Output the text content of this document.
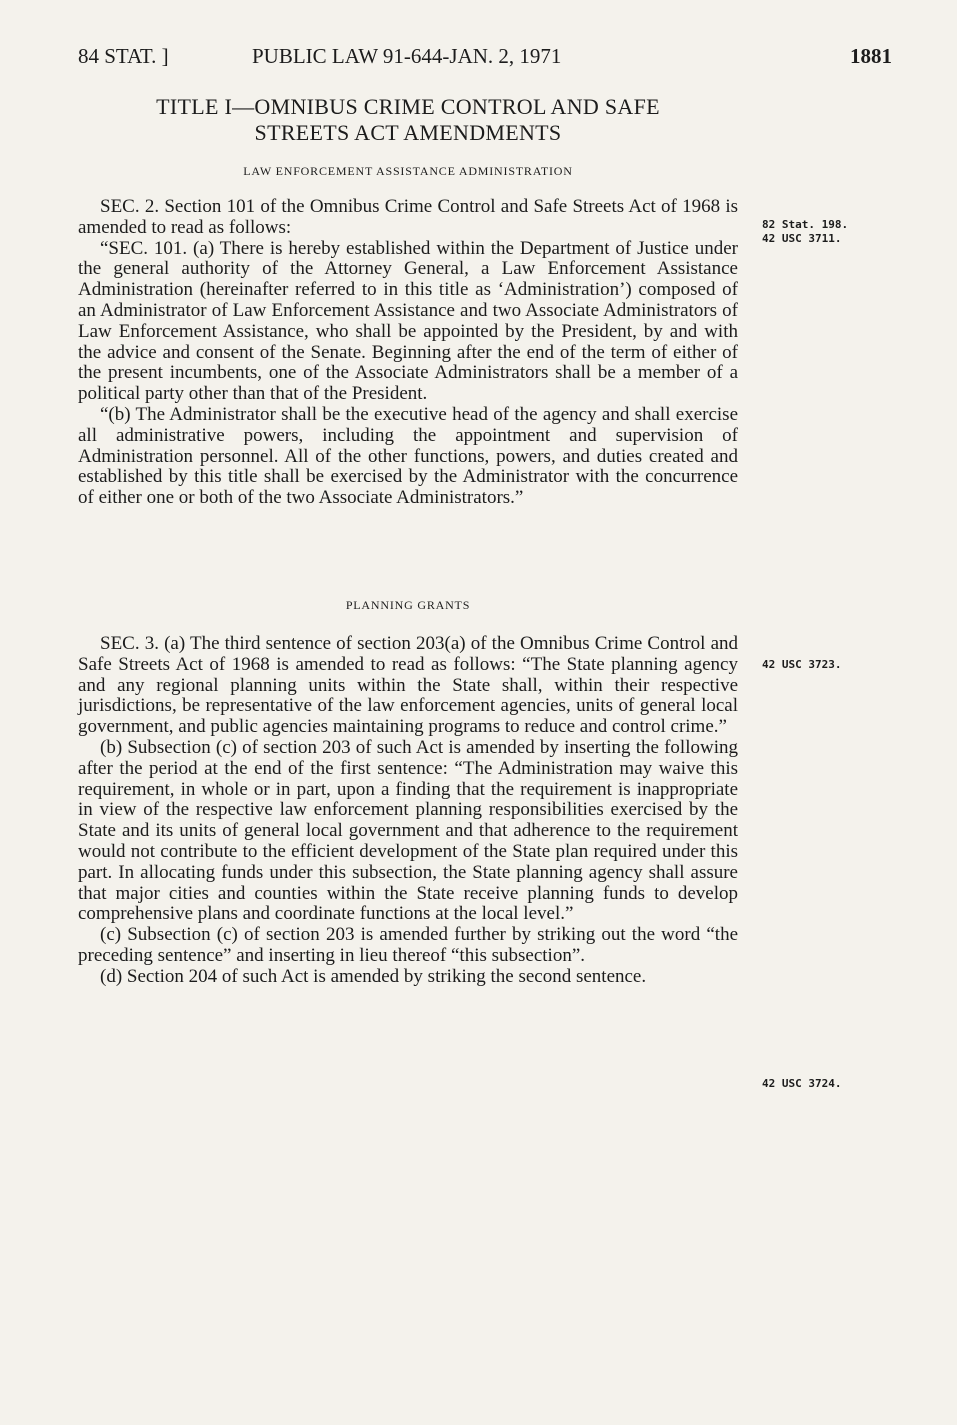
84 STAT. ]	PUBLIC LAW 91-644-JAN. 2, 1971	1881
TITLE I—OMNIBUS CRIME CONTROL AND SAFE
STREETS ACT AMENDMENTS
LAW ENFORCEMENT ASSISTANCE ADMINISTRATION

SEC. 2. Section 101 of the Omnibus Crime Control and Safe Streets Act of 1968 is amended to read as follows:

“SEC. 101. (a) There is hereby established within the Department of Justice under the general authority of the Attorney General, a Law Enforcement Assistance Administration (hereinafter referred to in this title as ‘Administration’) composed of an Administrator of Law Enforcement Assistance and two Associate Administrators of Law Enforcement Assistance, who shall be appointed by the President, by and with the advice and consent of the Senate. Beginning after the end of the term of either of the present incumbents, one of the Associate Administrators shall be a member of a political party other than that of the President.

“(b) The Administrator shall be the executive head of the agency and shall exercise all administrative powers, including the appointment and supervision of Administration personnel. All of the other functions, powers, and duties created and established by this title shall be exercised by the Administrator with the concurrence of either one or both of the two Associate Administrators.”

PLANNING GRANTS

SEC. 3. (a) The third sentence of section 203(a) of the Omnibus Crime Control and Safe Streets Act of 1968 is amended to read as follows: “The State planning agency and any regional planning units within the State shall, within their respective jurisdictions, be representative of the law enforcement agencies, units of general local government, and public agencies maintaining programs to reduce and control crime.”

(b) Subsection (c) of section 203 of such Act is amended by inserting the following after the period at the end of the first sentence: “The Administration may waive this requirement, in whole or in part, upon a finding that the requirement is inappropriate in view of the respective law enforcement planning responsibilities exercised by the State and its units of general local government and that adherence to the requirement would not contribute to the efficient development of the State plan required under this part. In allocating funds under this subsection, the State planning agency shall assure that major cities and counties within the State receive planning funds to develop comprehensive plans and coordinate functions at the local level.”

(c) Subsection (c) of section 203 is amended further by striking out the word “the preceding sentence” and inserting in lieu thereof “this subsection”.

(d) Section 204 of such Act is amended by striking the second sentence.

82 Stat. 198.
42 USC 3711.
42 USC 3723.
42 USC 3724.
